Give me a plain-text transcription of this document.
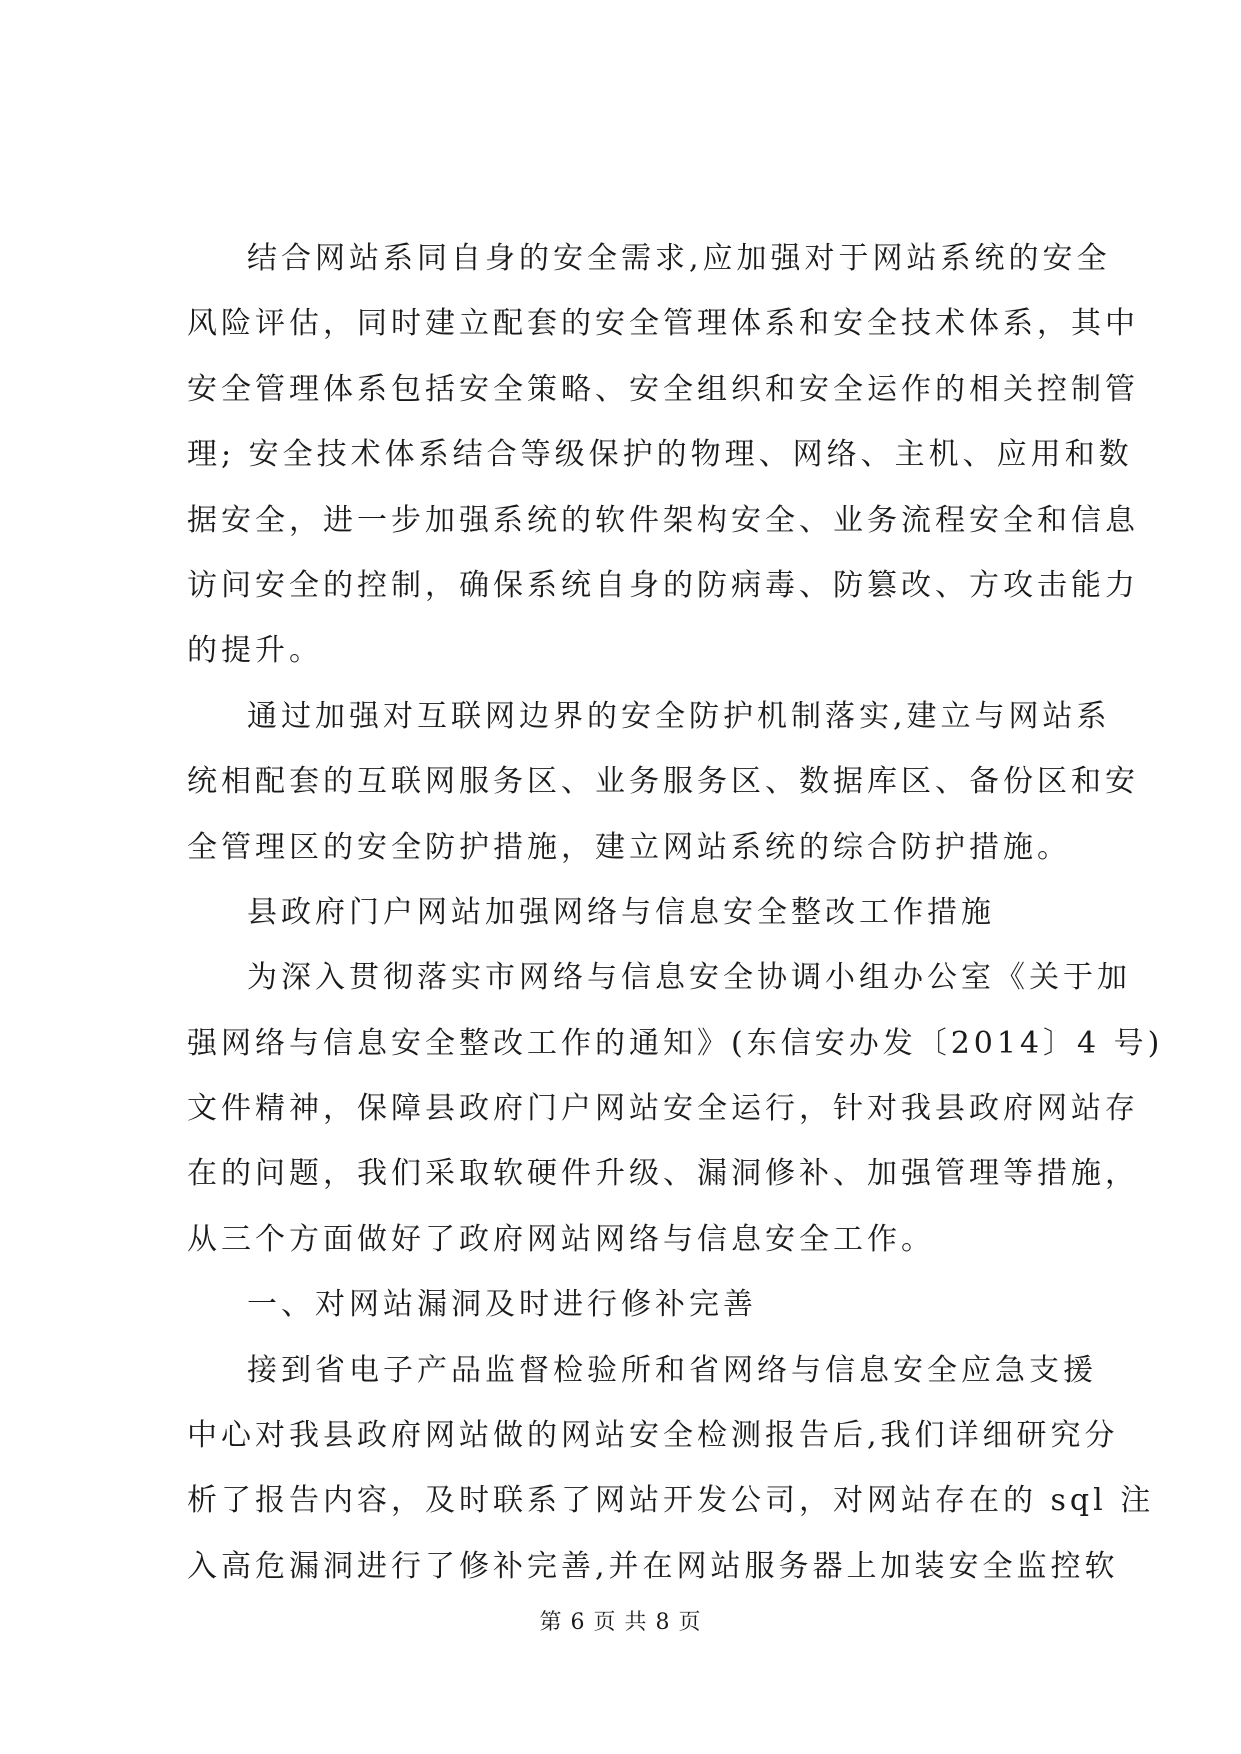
结合网站系同自身的安全需求,应加强对于网站系统的安全
风险评估，同时建立配套的安全管理体系和安全技术体系，其中
安全管理体系包括安全策略、安全组织和安全运作的相关控制管
理; 安全技术体系结合等级保护的物理、网络、主机、应用和数
据安全，进一步加强系统的软件架构安全、业务流程安全和信息
访问安全的控制，确保系统自身的防病毒、防篡改、方攻击能力
的提升。
通过加强对互联网边界的安全防护机制落实,建立与网站系
统相配套的互联网服务区、业务服务区、数据库区、备份区和安
全管理区的安全防护措施，建立网站系统的综合防护措施。
县政府门户网站加强网络与信息安全整改工作措施
为深入贯彻落实市网络与信息安全协调小组办公室《关于加
强网络与信息安全整改工作的通知》(东信安办发〔2014〕4 号)
文件精神，保障县政府门户网站安全运行，针对我县政府网站存
在的问题，我们采取软硬件升级、漏洞修补、加强管理等措施，
从三个方面做好了政府网站网络与信息安全工作。
一、对网站漏洞及时进行修补完善
接到省电子产品监督检验所和省网络与信息安全应急支援
中心对我县政府网站做的网站安全检测报告后,我们详细研究分
析了报告内容，及时联系了网站开发公司，对网站存在的 sql 注
入高危漏洞进行了修补完善,并在网站服务器上加装安全监控软
第 6 页 共 8 页
